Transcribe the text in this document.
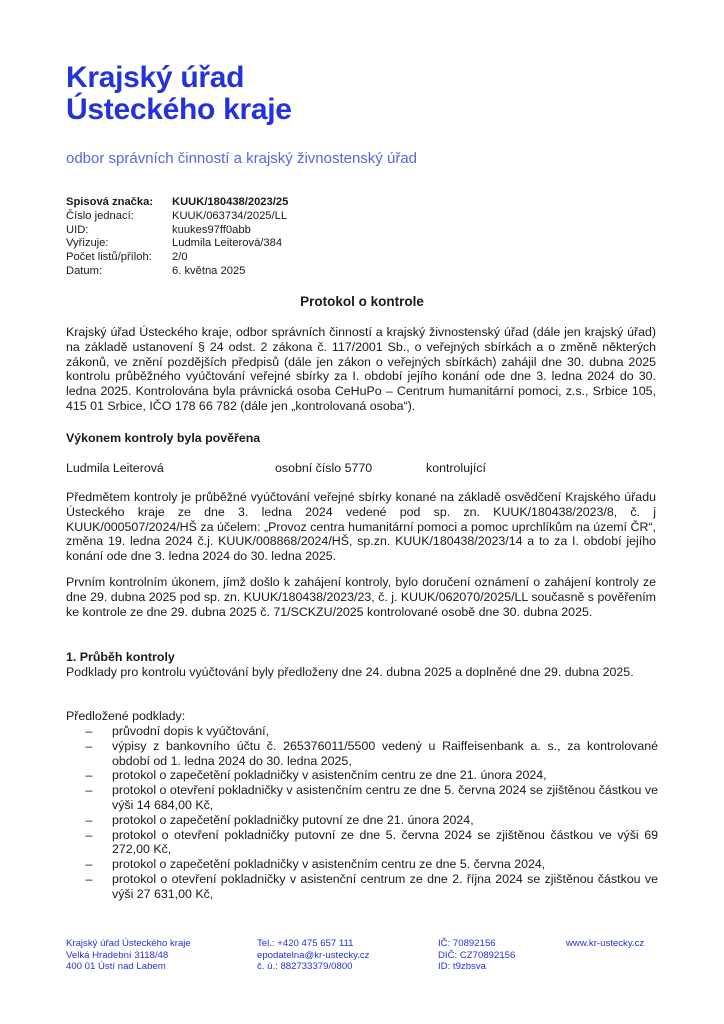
Krajský úřad
Ústeckého kraje
odbor správních činností a krajský živnostenský úřad
Spisová značka:	KUUK/180438/2023/25
Číslo jednací:	KUUK/063734/2025/LL
UID:	kuukes97ff0abb
Vyřizuje:	Ludmila Leiterová/384
Počet listů/příloh:	2/0
Datum:	6. května 2025
Protokol o kontrole
Krajský úřad Ústeckého kraje, odbor správních činností a krajský živnostenský úřad (dále jen krajský úřad) na základě ustanovení § 24 odst. 2 zákona č. 117/2001 Sb., o veřejných sbírkách a o změně některých zákonů, ve znění pozdějších předpisů (dále jen zákon o veřejných sbírkách) zahájil dne 30. dubna 2025 kontrolu průběžného vyúčtování veřejné sbírky za I. období jejího konání ode dne 3. ledna 2024 do 30. ledna 2025. Kontrolována byla právnická osoba CeHuPo – Centrum humanitární pomoci, z.s., Srbice 105, 415 01 Srbice, IČO 178 66 782 (dále jen „kontrolovaná osoba“).
Výkonem kontroly byla pověřena
Ludmila Leiterová	osobní číslo 5770	kontrolující
Předmětem kontroly je průběžné vyúčtování veřejné sbírky konané na základě osvědčení Krajského úřadu Ústeckého kraje ze dne 3. ledna 2024 vedené pod sp. zn. KUUK/180438/2023/8, č. j KUUK/000507/2024/HŠ za účelem: „Provoz centra humanitární pomoci a pomoc uprchlíkům na území ČR“, změna 19. ledna 2024 č.j. KUUK/008868/2024/HŠ, sp.zn. KUUK/180438/2023/14 a to za I. období jejího konání ode dne 3. ledna 2024 do 30. ledna 2025.
Prvním kontrolním úkonem, jímž došlo k zahájení kontroly, bylo doručení oznámení o zahájení kontroly ze dne 29. dubna 2025 pod sp. zn. KUUK/180438/2023/23, č. j. KUUK/062070/2025/LL současně s pověřením ke kontrole ze dne 29. dubna 2025 č. 71/SCKZU/2025 kontrolované osobě dne 30. dubna 2025.
1. Průběh kontroly
Podklady pro kontrolu vyúčtování byly předloženy dne 24. dubna 2025 a doplněné dne 29. dubna 2025.
Předložené podklady:
–	průvodní dopis k vyúčtování,
–	výpisy z bankovního účtu č. 265376011/5500 vedený u Raiffeisenbank a. s., za kontrolované období od 1. ledna 2024 do 30. ledna 2025,
–	protokol o zapečetění pokladničky v asistenčním centru ze dne 21. února 2024,
–	protokol o otevření pokladničky v asistenčním centru ze dne 5. června 2024 se zjištěnou částkou ve výši 14 684,00 Kč,
–	protokol o zapečetění pokladničky putovní ze dne 21. února 2024,
–	protokol o otevření pokladničky putovní ze dne 5. června 2024 se zjištěnou částkou ve výši 69 272,00 Kč,
–	protokol o zapečetění pokladničky v asistenčním centru ze dne 5. června 2024,
–	protokol o otevření pokladničky v asistenční centrum ze dne 2. října 2024 se zjištěnou částkou ve výši 27 631,00 Kč,
Krajský úřad Ústeckého kraje
Velká Hradební 3118/48
400 01 Ústí nad Labem
Tel.: +420 475 657 111
epodatelna@kr-ustecky.cz
č. ú.: 882733379/0800
IČ: 70892156
DIČ: CZ70892156
ID: t9zbsva
www.kr-ustecky.cz
